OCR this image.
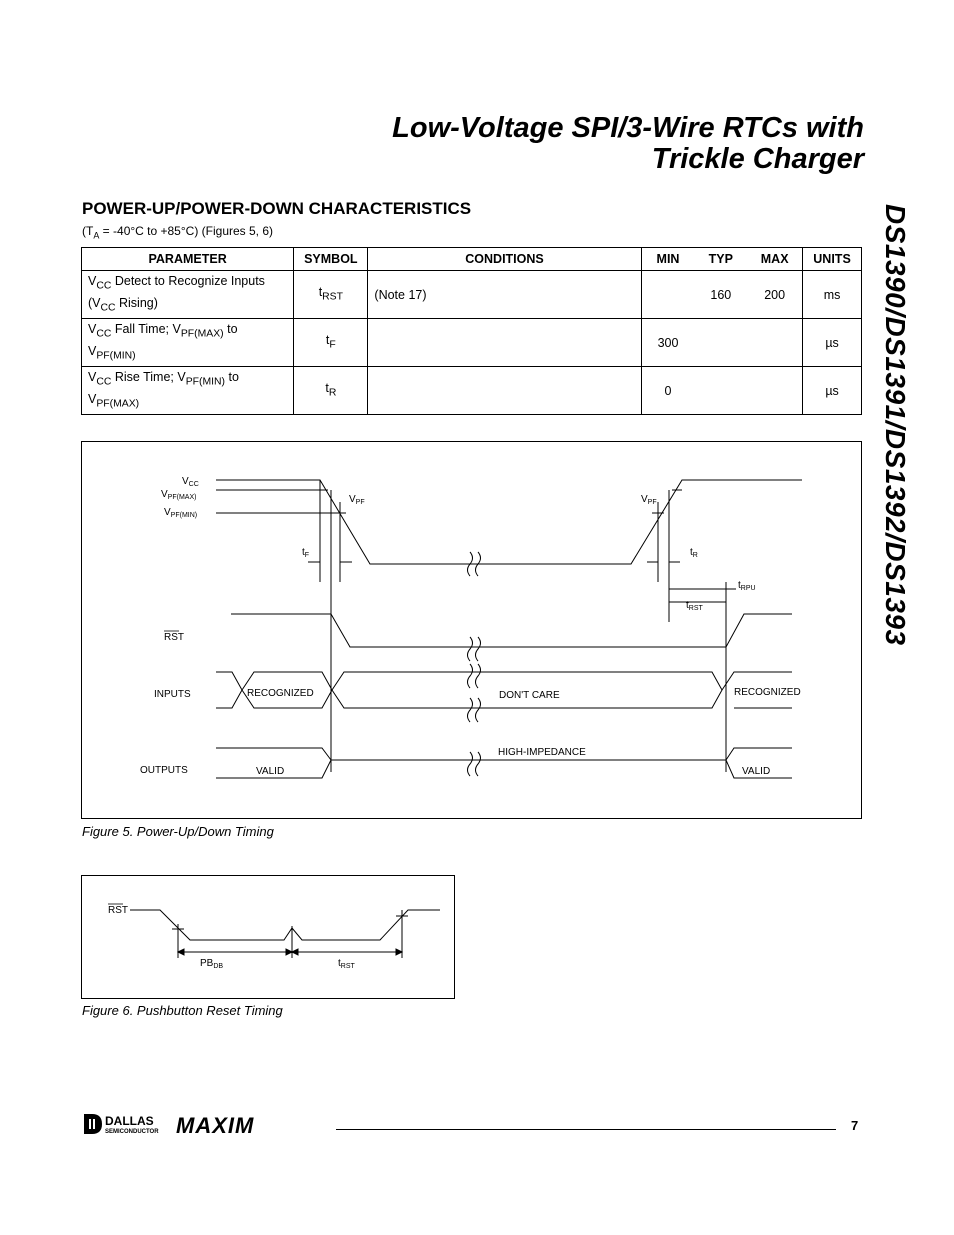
Low-Voltage SPI/3-Wire RTCs with
Trickle Charger
DS1390/DS1391/DS1392/DS1393
POWER-UP/POWER-DOWN CHARACTERISTICS
($T_A = -40^\circ C$ to +85°C) (Figures 5, 6)
PARAMETER	SYMBOL	CONDITIONS	MIN	TYP	MAX	UNITS
$V_{CC}$ Detect to Recognize Inputs ($V_{CC}$ Rising)	$t_{RST}$	(Note 17)		160	200	ms
$V_{CC}$ Fall Time; $V_{PF(MAX)}$ to $V_{PF(MIN)}$	$t_F$		300			µs
$V_{CC}$ Rise Time; $V_{PF(MIN)}$ to $V_{PF(MAX)}$	$t_R$		0			µs
$V_{CC}$
$V_{PF(MAX)}$
$V_{PF(MIN)}$
$V_{PF}$	$V_{PF}$
$t_F$	$t_R$
$t_{RPU}$
$t_{RST}$
RST
INPUTS
OUTPUTS
RECOGNIZED	DON'T CARE	RECOGNIZED
VALID
HIGH-IMPEDANCE
VALID
Figure 5. Power-Up/Down Timing
RST
$PB_{DB}$	$t_{RST}$
Figure 6. Pushbutton Reset Timing
DALLAS
SEMICONDUCTOR MAXIM	7
